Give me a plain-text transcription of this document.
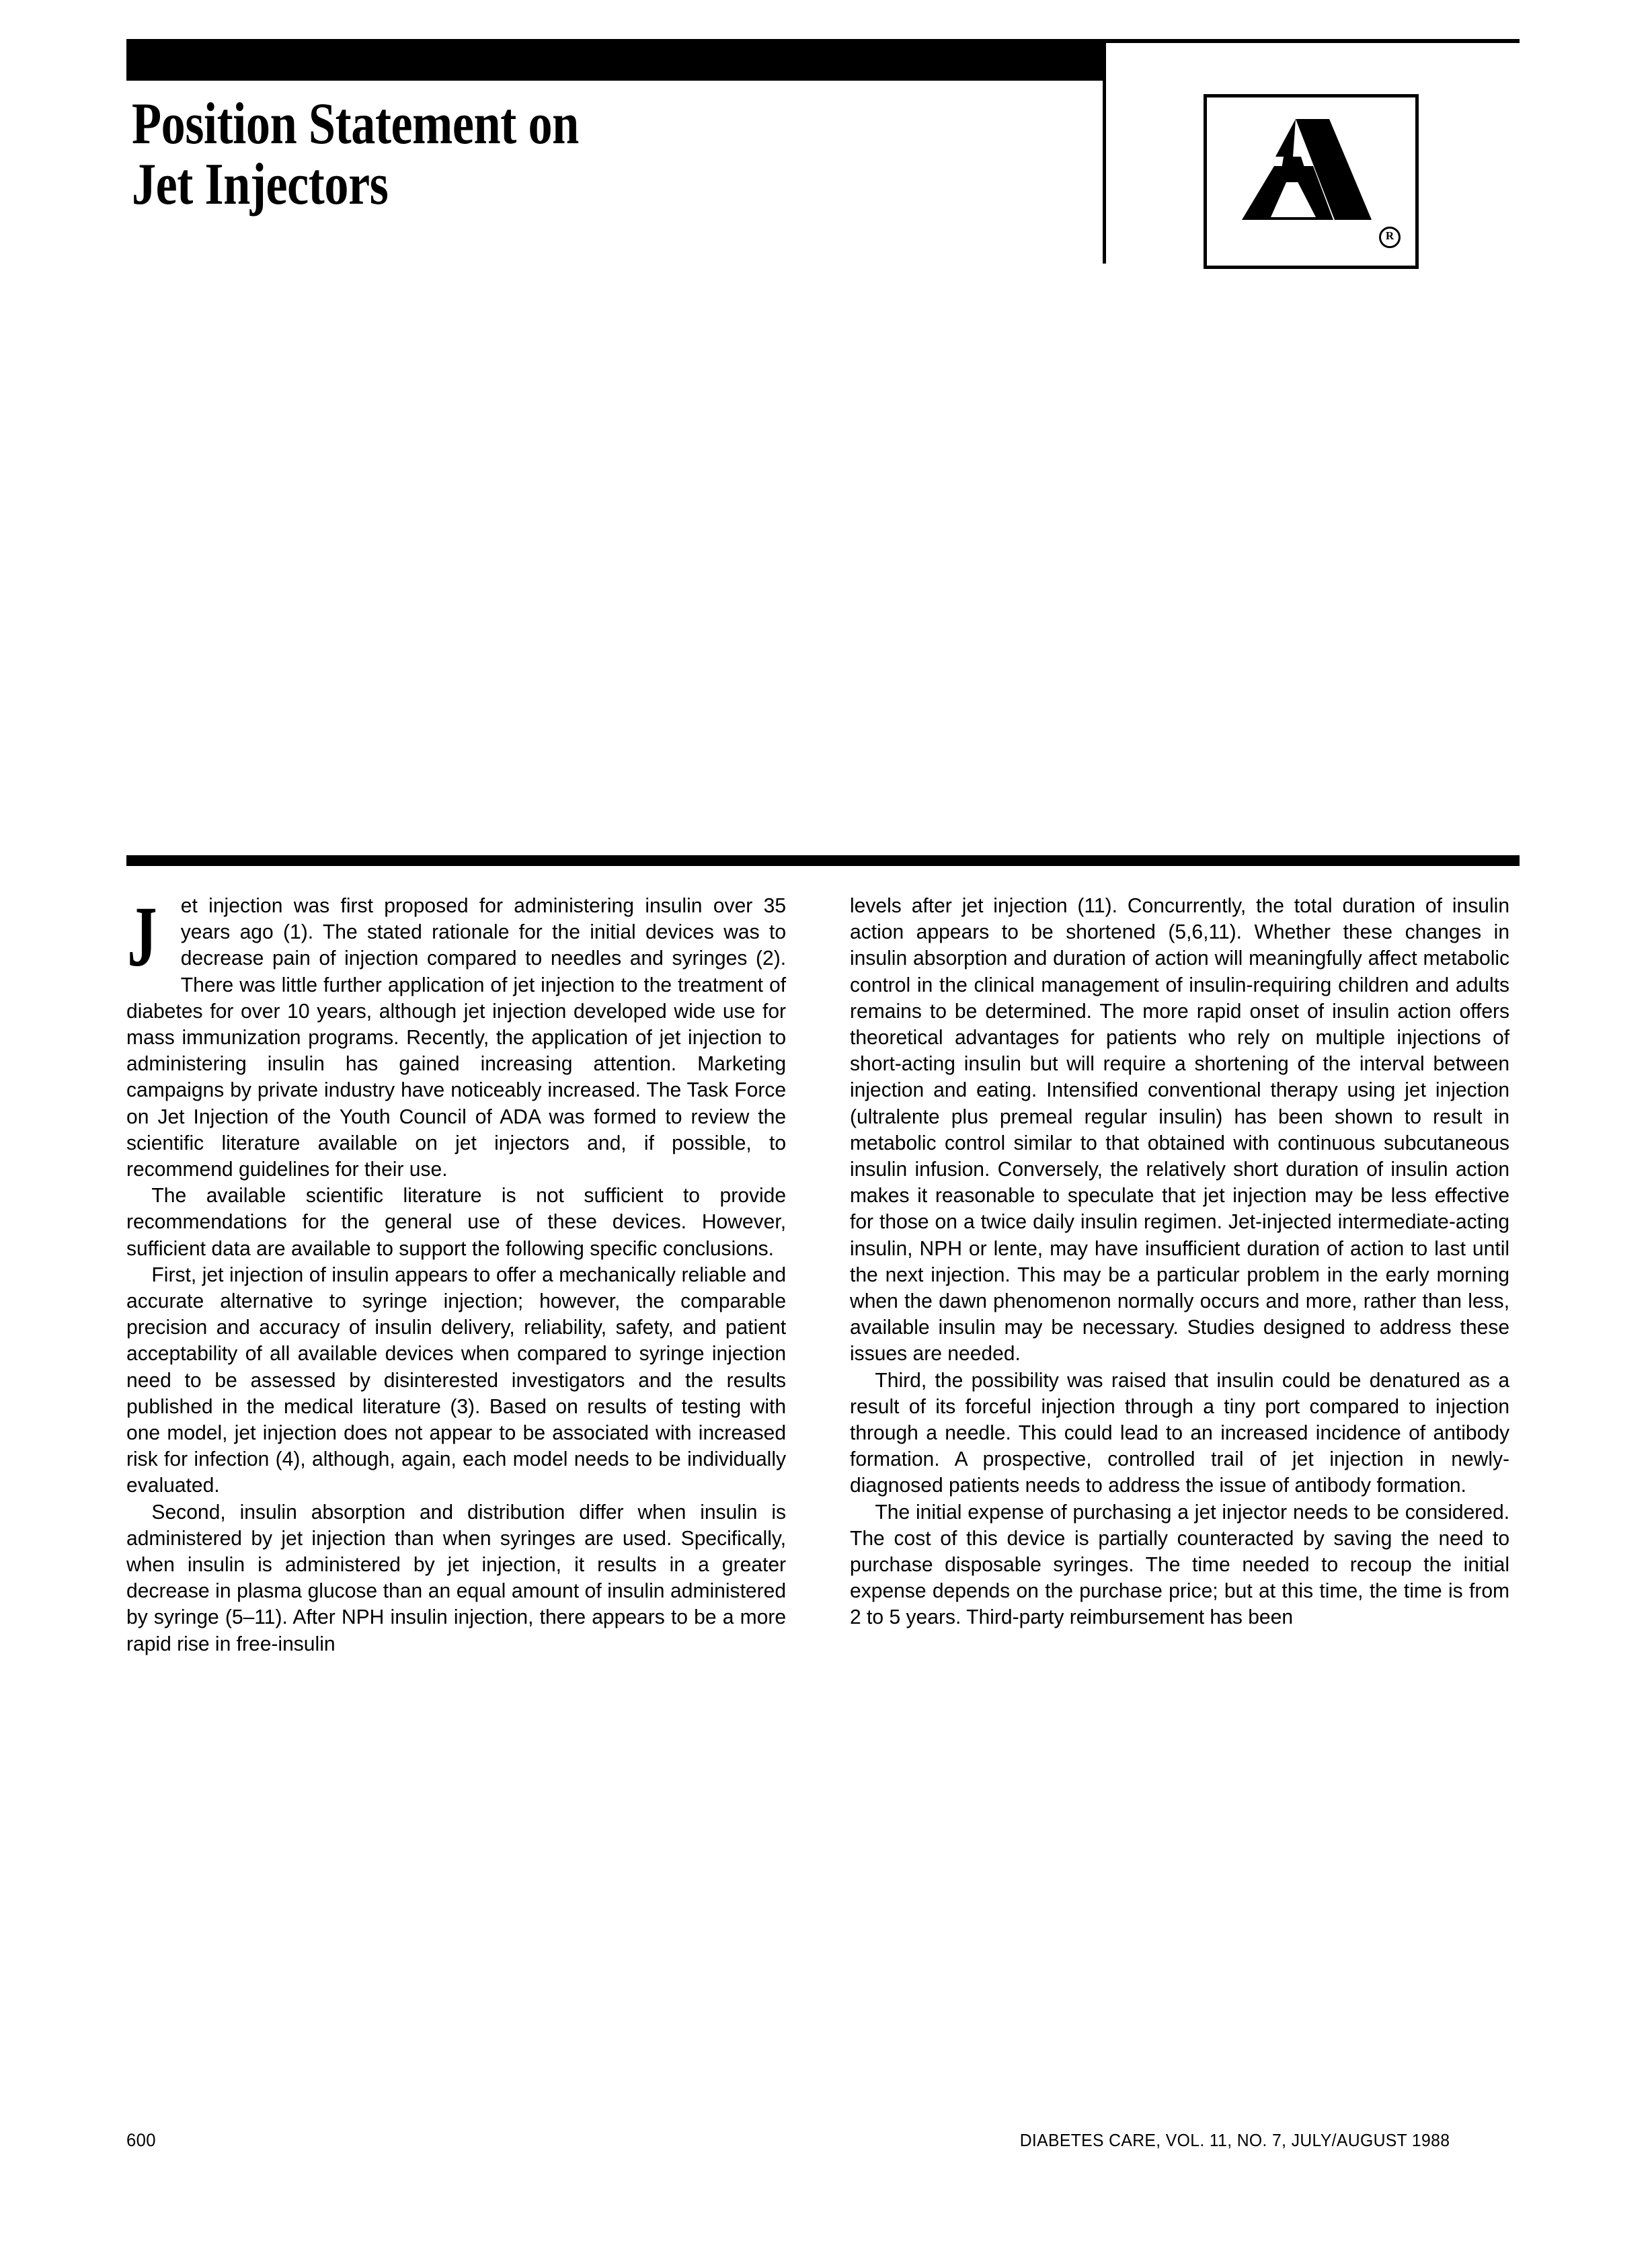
Position Statement on
Jet Injectors
R

J	et injection was first proposed for administering insulin over 35 years ago (1). The stated rationale for the initial devices was to decrease pain of injection compared to needles and syringes (2). There was little further application of jet injection to the treatment of diabetes for over 10 years, although jet injection developed wide use for mass immunization programs. Recently, the application of jet injection to administering insulin has gained increasing attention. Marketing campaigns by private industry have noticeably increased. The Task Force on Jet Injection of the Youth Council of ADA was formed to review the scientific literature available on jet injectors and, if possible, to recommend guidelines for their use.

The available scientific literature is not sufficient to provide recommendations for the general use of these devices. However, sufficient data are available to support the following specific conclusions.

First, jet injection of insulin appears to offer a mechanically reliable and accurate alternative to syringe injection; however, the comparable precision and accuracy of insulin delivery, reliability, safety, and patient acceptability of all available devices when compared to syringe injection need to be assessed by disinterested investigators and the results published in the medical literature (3). Based on results of testing with one model, jet injection does not appear to be associated with increased risk for infection (4), although, again, each model needs to be individually evaluated.

Second, insulin absorption and distribution differ when insulin is administered by jet injection than when syringes are used. Specifically, when insulin is administered by jet injection, it results in a greater decrease in plasma glucose than an equal amount of insulin administered by syringe (5–11). After NPH insulin injection, there appears to be a more rapid rise in free-insulin

levels after jet injection (11). Concurrently, the total duration of insulin action appears to be shortened (5,6,11). Whether these changes in insulin absorption and duration of action will meaningfully affect metabolic control in the clinical management of insulin-requiring children and adults remains to be determined. The more rapid onset of insulin action offers theoretical advantages for patients who rely on multiple injections of short-acting insulin but will require a shortening of the interval between injection and eating. Intensified conventional therapy using jet injection (ultralente plus premeal regular insulin) has been shown to result in metabolic control similar to that obtained with continuous subcutaneous insulin infusion. Conversely, the relatively short duration of insulin action makes it reasonable to speculate that jet injection may be less effective for those on a twice daily insulin regimen. Jet-injected intermediate-acting insulin, NPH or lente, may have insufficient duration of action to last until the next injection. This may be a particular problem in the early morning when the dawn phenomenon normally occurs and more, rather than less, available insulin may be necessary. Studies designed to address these issues are needed.

Third, the possibility was raised that insulin could be denatured as a result of its forceful injection through a tiny port compared to injection through a needle. This could lead to an increased incidence of antibody formation. A prospective, controlled trail of jet injection in newly-diagnosed patients needs to address the issue of antibody formation.

The initial expense of purchasing a jet injector needs to be considered. The cost of this device is partially counteracted by saving the need to purchase disposable syringes. The time needed to recoup the initial expense depends on the purchase price; but at this time, the time is from 2 to 5 years. Third-party reimbursement has been

600	DIABETES CARE, VOL. 11, NO. 7, JULY/AUGUST 1988
